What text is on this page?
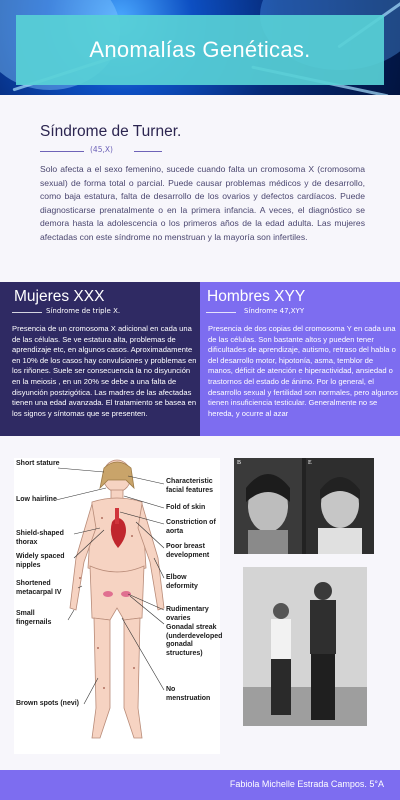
Anomalías Genéticas.
Síndrome de Turner.
(45,X)
Solo afecta a el sexo femenino, sucede cuando falta un cromosoma X (cromosoma sexual) de forma total o parcial. Puede causar problemas médicos y de desarrollo, como baja estatura, falta de desarrollo de los ovarios y defectos cardíacos. Puede diagnosticarse prenatalmente o en la primera infancia. A veces, el diagnóstico se demora hasta la adolescencia o los primeros años de la edad adulta. Las mujeres afectadas con este síndrome no menstruan y la mayoría son infertiles.
Mujeres XXX
Síndrome de triple X.
Presencia de un cromosoma X adicional en cada una de las células. Se ve estatura alta, problemas de aprendizaje etc, en algunos casos. Aproximadamente en 10% de los casos hay convulsiones y problemas en los riñones. Suele ser consecuencia la no disyunción en la meiosis , en un 20% se debe a una falta de disyunción postzigótica. Las madres de las afectadas tienen una edad avanzada. El tratamiento se basea en los signos y síntomas que se presenten.
Hombres XYY
Síndrome 47,XYY
Presencia de dos copias del cromosoma Y en cada una de las células. Son bastante altos y pueden tener dificultades de aprendizaje, autismo, retraso del habla o del desarrollo motor, hipotonía, asma, temblor de manos, déficit de atención e hiperactividad, ansiedad o trastornos del estado de ánimo. Por lo general, el desarrollo sexual y fertilidad son normales, pero algunos tienen insuficiencia testicular. Generalmente no se hereda, y ocurre al azar
Short stature
Low hairline
Shield-shaped thorax
Widely spaced nipples
Shortened metacarpal IV
Small fingernails
Brown spots (nevi)
Characteristic facial features
Fold of skin
Constriction of aorta
Poor breast development
Elbow deformity
Rudimentary ovaries
Gonadal streak (underdeveloped gonadal structures)
No menstruation
B	E
Fabiola Michelle Estrada Campos. 5°A
